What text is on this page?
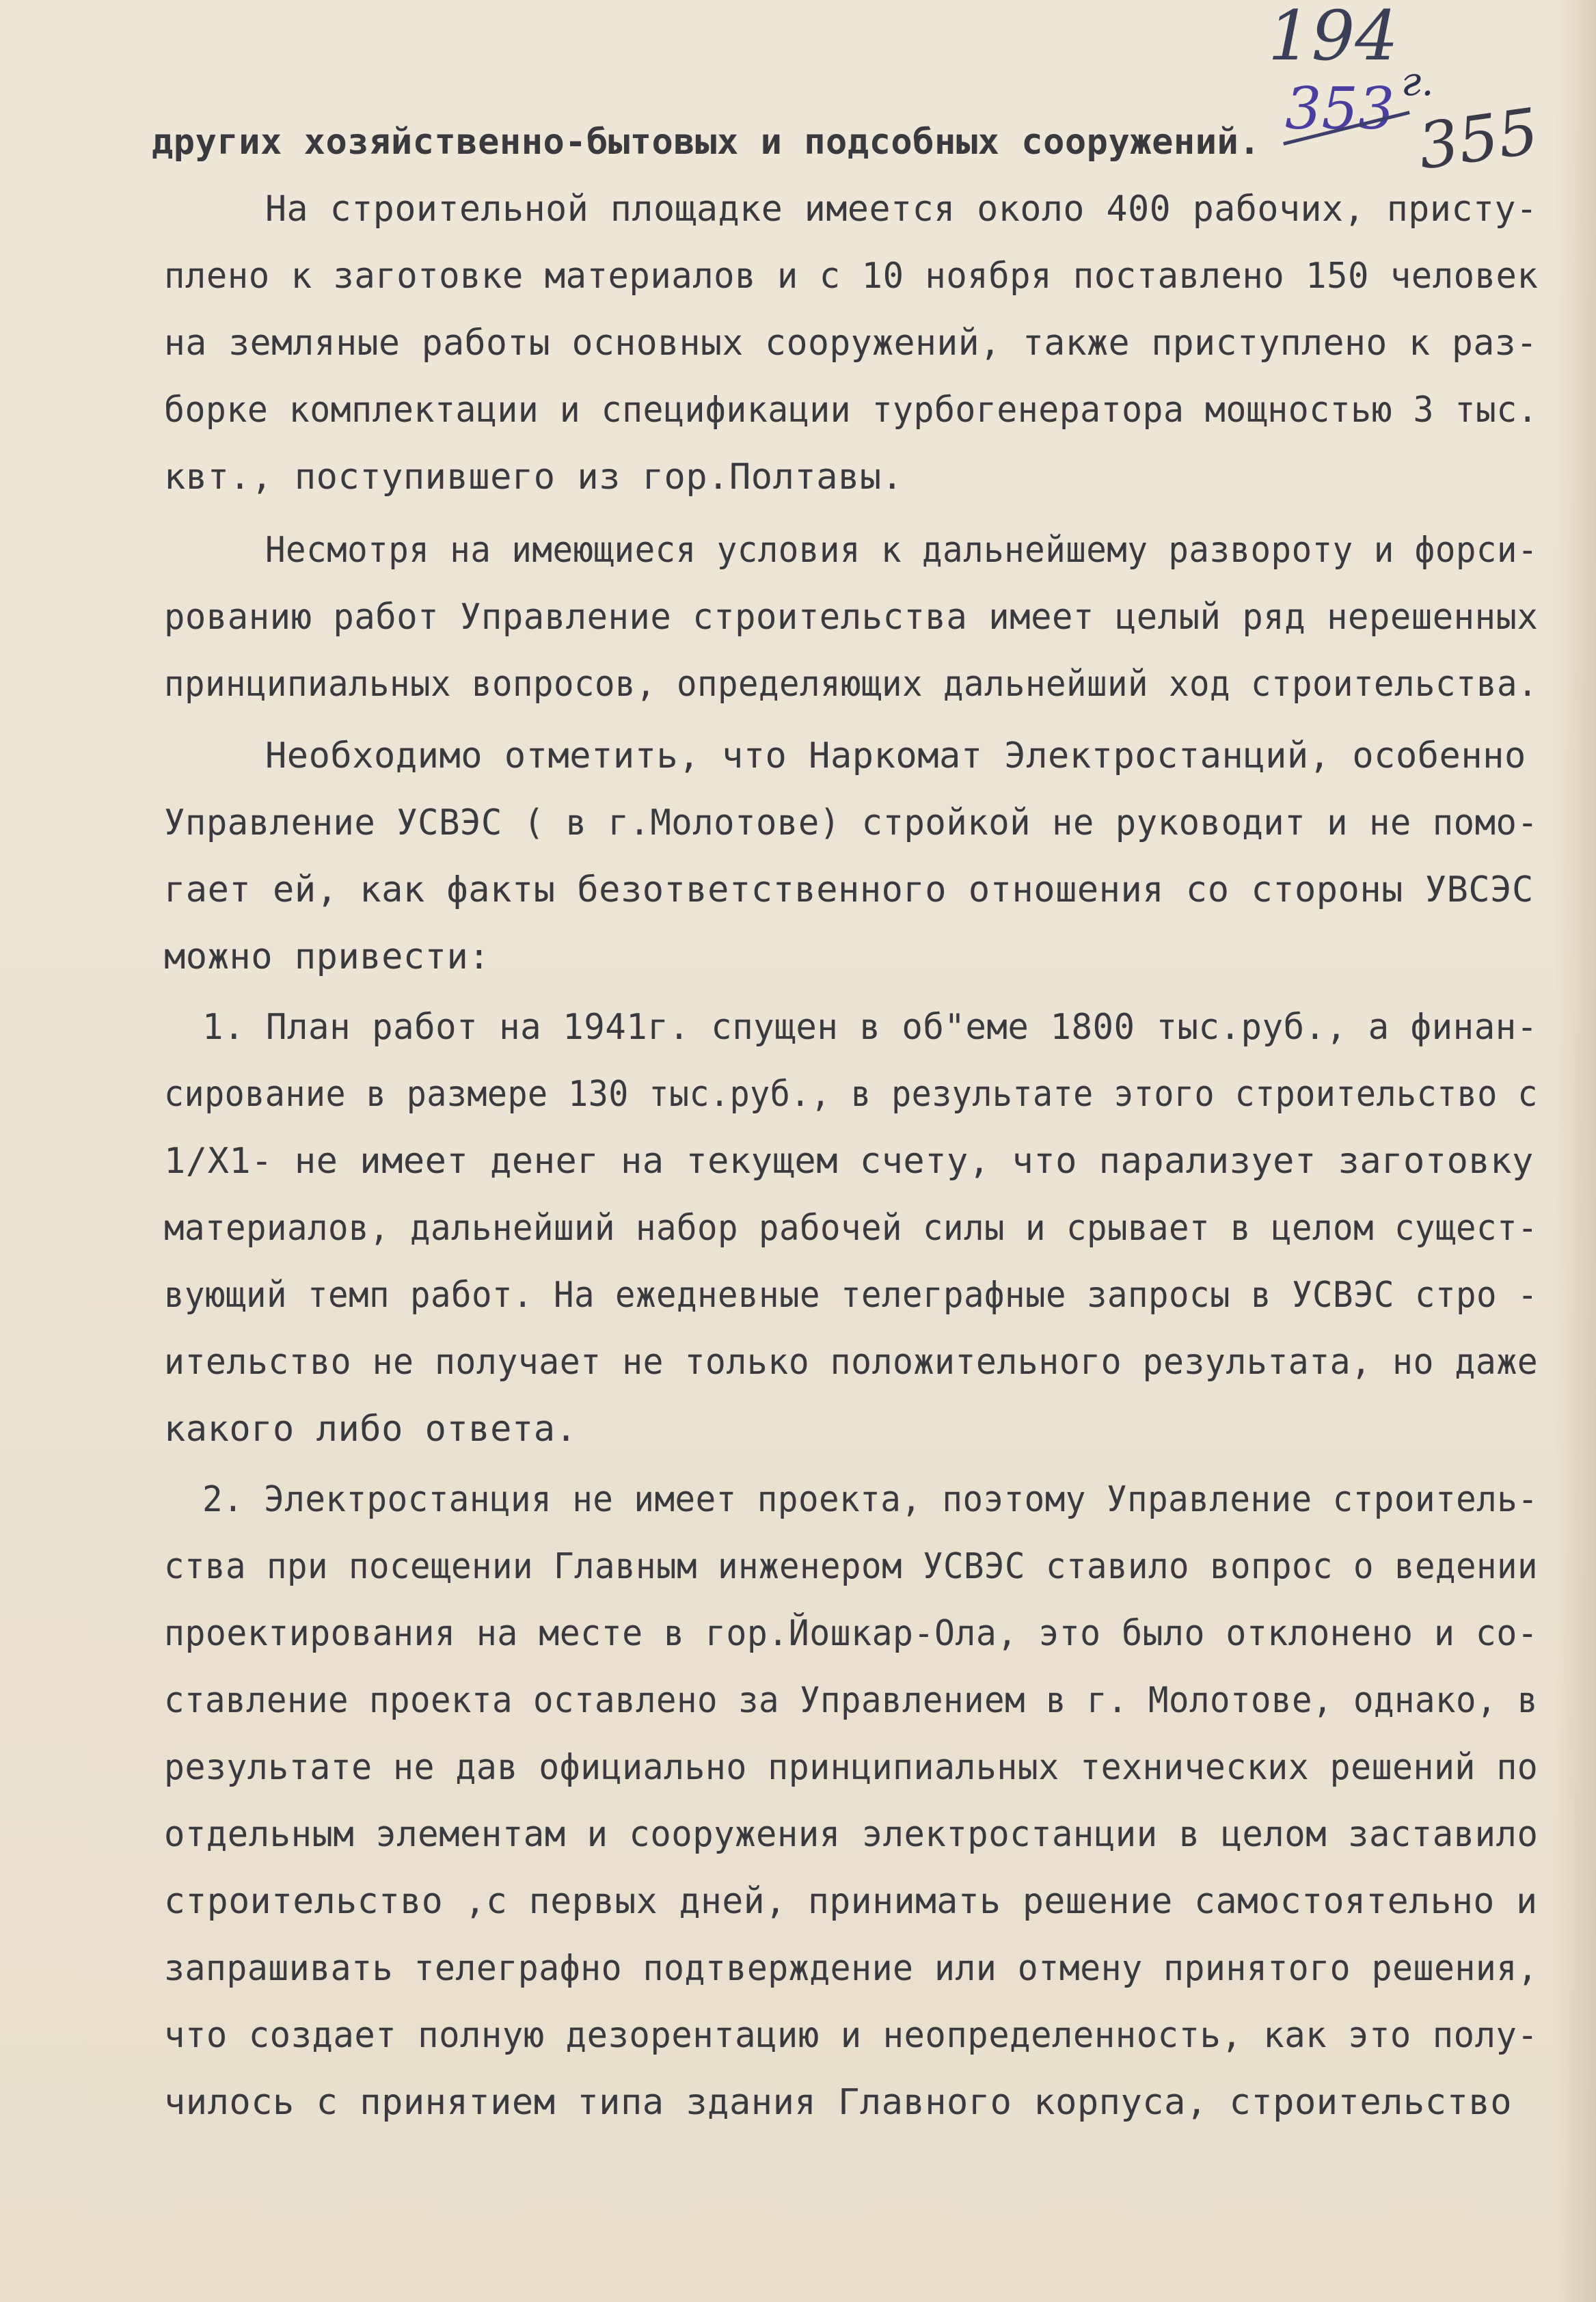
194
353 г.
355
других хозяйственно-бытовых и подсобных сооружений.
На строительной площадке имеется около 400 рабочих, присту-
плено к заготовке материалов и с 10 ноября поставлено 150 человек
на земляные работы основных сооружений, также приступлено к раз-
борке комплектации и спецификации турбогенератора мощностью 3 тыс.
квт., поступившего из гор.Полтавы.
Несмотря на имеющиеся условия к дальнейшему развороту и форси-
рованию работ Управление строительства имеет целый ряд нерешенных
принципиальных вопросов, определяющих дальнейший ход строительства.
Необходимо отметить, что Наркомат Электростанций, особенно
Управление УСВЭС ( в г.Молотове) стройкой не руководит и не помо-
гает ей, как факты безответственного отношения со стороны УВСЭС
можно привести:
1. План работ на 1941г. спущен в об"еме 1800 тыс.руб., а финан-
сирование в размере 130 тыс.руб., в результате этого строительство с
1/Х1- не имеет денег на текущем счету, что парализует заготовку
материалов, дальнейший набор рабочей силы и срывает в целом сущест-
вующий темп работ. На ежедневные телеграфные запросы в УСВЭС стро -
ительство не получает не только положительного результата, но даже
какого либо ответа.
2. Электростанция не имеет проекта, поэтому Управление строитель-
ства при посещении Главным инженером УСВЭС ставило вопрос о ведении
проектирования на месте в гор.Йошкар-Ола, это было отклонено и со-
ставление проекта оставлено за Управлением в г. Молотове, однако, в
результате не дав официально принципиальных технических решений по
отдельным элементам и сооружения электростанции в целом заставило
строительство ,с первых дней, принимать решение самостоятельно и
запрашивать телеграфно подтверждение или отмену принятого решения,
что создает полную дезорентацию и неопределенность, как это полу-
чилось с принятием типа здания Главного корпуса, строительство
